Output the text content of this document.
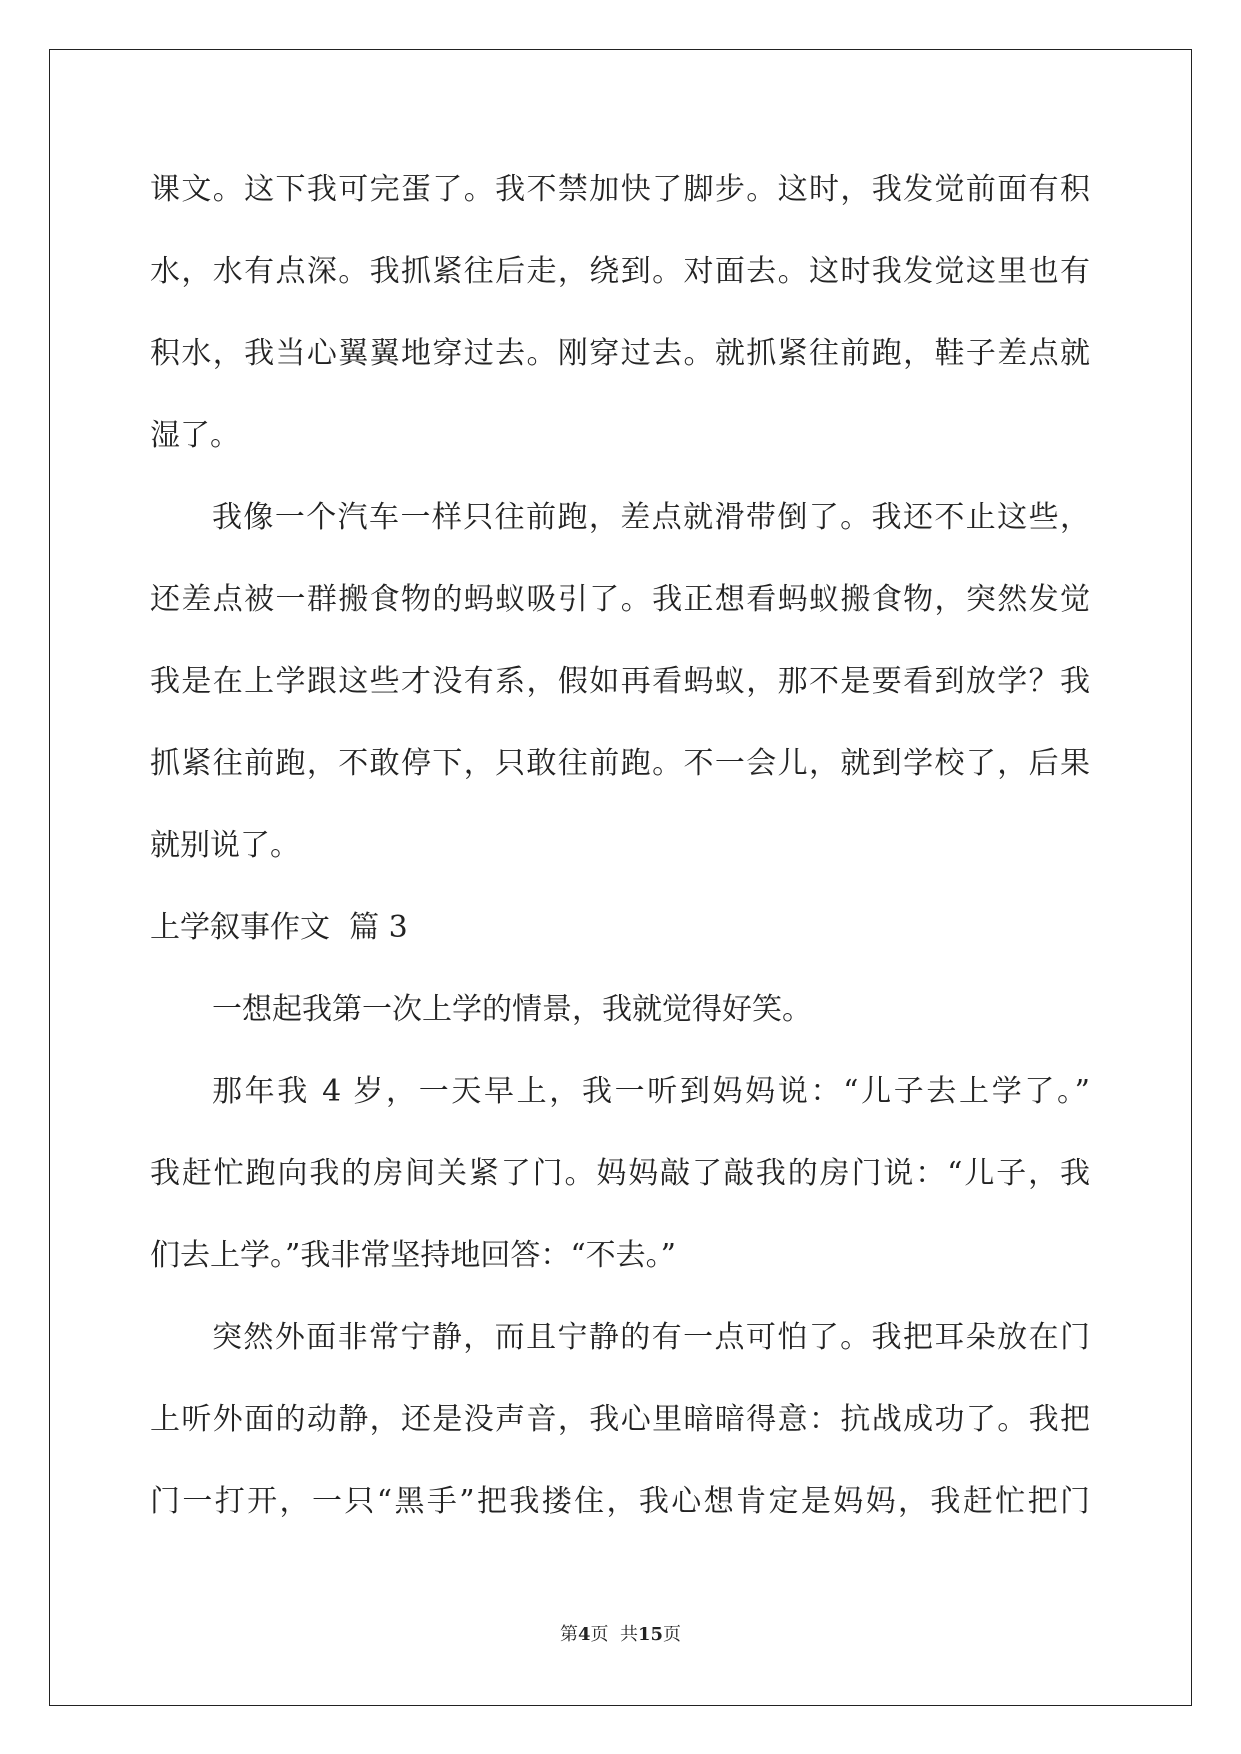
课文。这下我可完蛋了。我不禁加快了脚步。这时，我发觉前面有积

水，水有点深。我抓紧往后走，绕到。对面去。这时我发觉这里也有

积水，我当心翼翼地穿过去。刚穿过去。就抓紧往前跑，鞋子差点就

湿了。

我像一个汽车一样只往前跑，差点就滑带倒了。我还不止这些，

还差点被一群搬食物的蚂蚁吸引了。我正想看蚂蚁搬食物，突然发觉

我是在上学跟这些才没有系，假如再看蚂蚁，那不是要看到放学？我

抓紧往前跑，不敢停下，只敢往前跑。不一会儿，就到学校了，后果

就别说了。

上学叙事作文  篇 3

一想起我第一次上学的情景，我就觉得好笑。

那年我 4 岁，一天早上，我一听到妈妈说：“儿子去上学了。”

我赶忙跑向我的房间关紧了门。妈妈敲了敲我的房门说：“儿子，我

们去上学。”我非常坚持地回答：“不去。”

突然外面非常宁静，而且宁静的有一点可怕了。我把耳朵放在门

上听外面的动静，还是没声音，我心里暗暗得意：抗战成功了。我把

门一打开，一只“黑手”把我搂住，我心想肯定是妈妈，我赶忙把门

第4页  共15页
